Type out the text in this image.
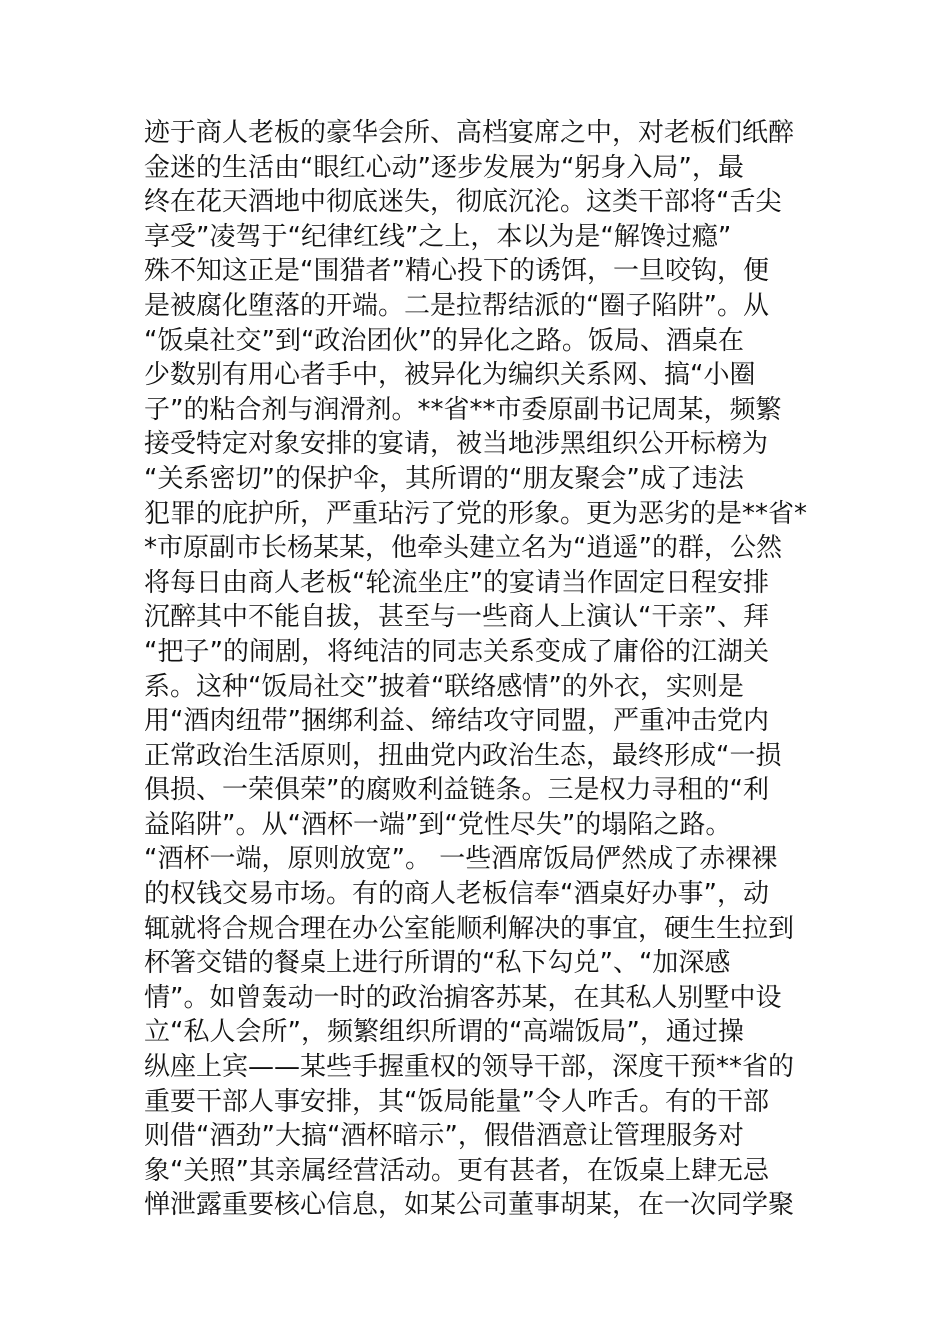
迹于商人老板的豪华会所、高档宴席之中，对老板们纸醉
金迷的生活由“眼红心动”逐步发展为“躬身入局”，最
终在花天酒地中彻底迷失，彻底沉沦。这类干部将“舌尖
享受”凌驾于“纪律红线”之上，本以为是“解馋过瘾”
殊不知这正是“围猎者”精心投下的诱饵，一旦咬钩，便
是被腐化堕落的开端。二是拉帮结派的“圈子陷阱”。从
“饭桌社交”到“政治团伙”的异化之路。饭局、酒桌在
少数别有用心者手中，被异化为编织关系网、搞“小圈
子”的粘合剂与润滑剂。**省**市委原副书记周某，频繁
接受特定对象安排的宴请，被当地涉黑组织公开标榜为
“关系密切”的保护伞，其所谓的“朋友聚会”成了违法
犯罪的庇护所，严重玷污了党的形象。更为恶劣的是**省*
*市原副市长杨某某，他牵头建立名为“逍遥”的群，公然
将每日由商人老板“轮流坐庄”的宴请当作固定日程安排
沉醉其中不能自拔，甚至与一些商人上演认“干亲”、拜
“把子”的闹剧，将纯洁的同志关系变成了庸俗的江湖关
系。这种“饭局社交”披着“联络感情”的外衣，实则是
用“酒肉纽带”捆绑利益、缔结攻守同盟，严重冲击党内
正常政治生活原则，扭曲党内政治生态，最终形成“一损
俱损、一荣俱荣”的腐败利益链条。三是权力寻租的“利
益陷阱”。从“酒杯一端”到“党性尽失”的塌陷之路。
“酒杯一端，原则放宽”。 一些酒席饭局俨然成了赤裸裸
的权钱交易市场。有的商人老板信奉“酒桌好办事”，动
辄就将合规合理在办公室能顺利解决的事宜，硬生生拉到
杯箸交错的餐桌上进行所谓的“私下勾兑”、“加深感
情”。如曾轰动一时的政治掮客苏某，在其私人别墅中设
立“私人会所”，频繁组织所谓的“高端饭局”，通过操
纵座上宾——某些手握重权的领导干部，深度干预**省的
重要干部人事安排，其“饭局能量”令人咋舌。有的干部
则借“酒劲”大搞“酒杯暗示”，假借酒意让管理服务对
象“关照”其亲属经营活动。更有甚者，在饭桌上肆无忌
惮泄露重要核心信息，如某公司董事胡某，在一次同学聚
